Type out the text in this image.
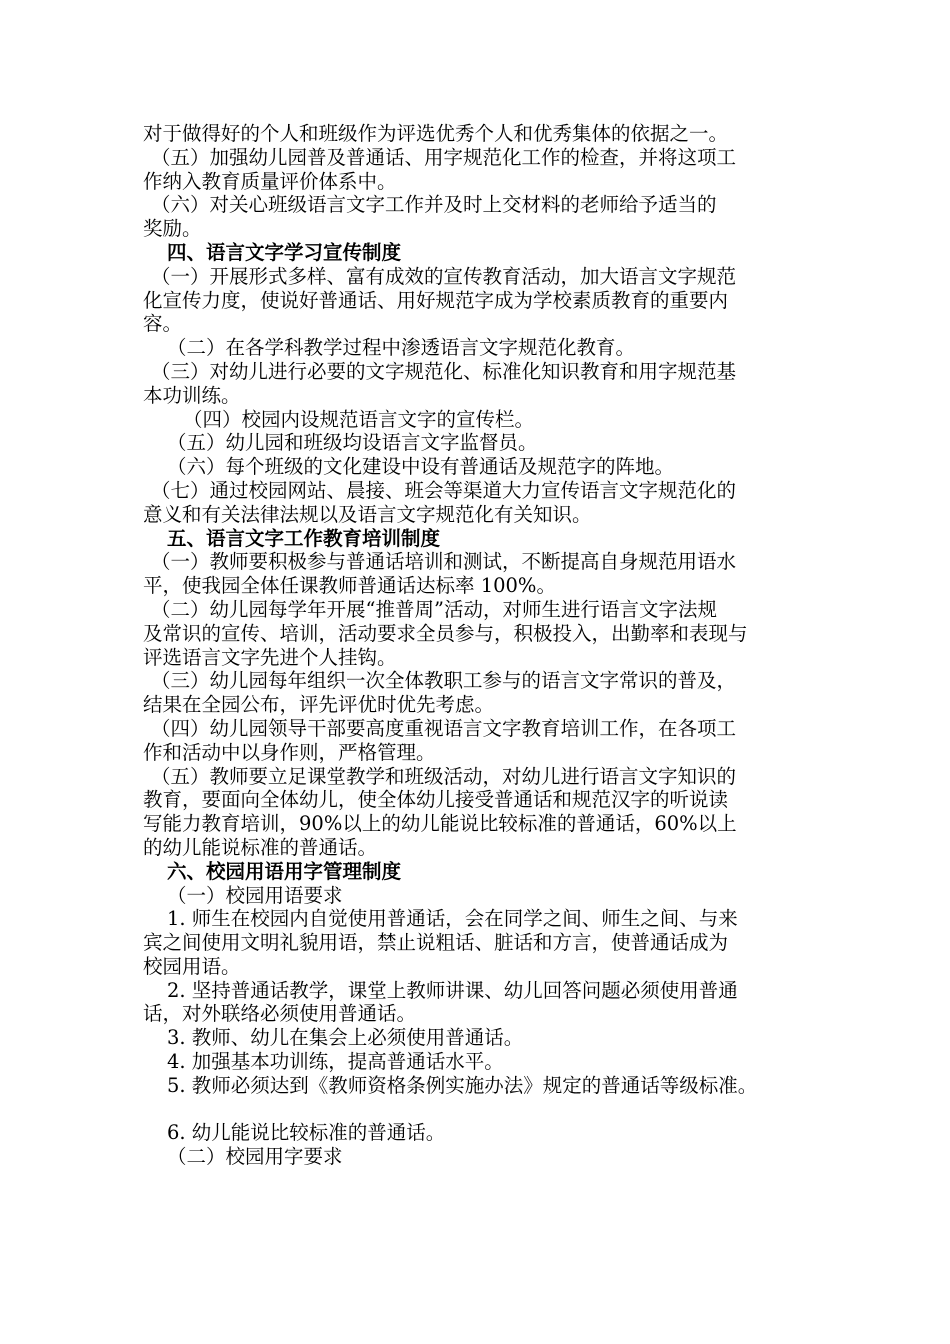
对于做得好的个人和班级作为评选优秀个人和优秀集体的依据之一。
（五）加强幼儿园普及普通话、用字规范化工作的检查，并将这项工
作纳入教育质量评价体系中。
（六）对关心班级语言文字工作并及时上交材料的老师给予适当的
奖励。
四、语言文字学习宣传制度
（一）开展形式多样、富有成效的宣传教育活动，加大语言文字规范
化宣传力度，使说好普通话、用好规范字成为学校素质教育的重要内
容。
（二）在各学科教学过程中渗透语言文字规范化教育。
（三）对幼儿进行必要的文字规范化、标准化知识教育和用字规范基
本功训练。
（四）校园内设规范语言文字的宣传栏。
（五）幼儿园和班级均设语言文字监督员。
（六）每个班级的文化建设中设有普通话及规范字的阵地。
（七）通过校园网站、晨接、班会等渠道大力宣传语言文字规范化的
意义和有关法律法规以及语言文字规范化有关知识。
五、语言文字工作教育培训制度
（一）教师要积极参与普通话培训和测试，不断提高自身规范用语水
平，使我园全体任课教师普通话达标率 100%。
（二）幼儿园每学年开展“推普周”活动，对师生进行语言文字法规
及常识的宣传、培训，活动要求全员参与，积极投入，出勤率和表现与
评选语言文字先进个人挂钩。
（三）幼儿园每年组织一次全体教职工参与的语言文字常识的普及，
结果在全园公布，评先评优时优先考虑。
（四）幼儿园领导干部要高度重视语言文字教育培训工作，在各项工
作和活动中以身作则，严格管理。
（五）教师要立足课堂教学和班级活动，对幼儿进行语言文字知识的
教育，要面向全体幼儿，使全体幼儿接受普通话和规范汉字的听说读
写能力教育培训，90%以上的幼儿能说比较标准的普通话，60%以上
的幼儿能说标准的普通话。
六、校园用语用字管理制度
（一）校园用语要求
1. 师生在校园内自觉使用普通话，会在同学之间、师生之间、与来
宾之间使用文明礼貌用语，禁止说粗话、脏话和方言，使普通话成为
校园用语。
2. 坚持普通话教学，课堂上教师讲课、幼儿回答问题必须使用普通
话，对外联络必须使用普通话。
3. 教师、幼儿在集会上必须使用普通话。
4. 加强基本功训练，提高普通话水平。
5. 教师必须达到《教师资格条例实施办法》规定的普通话等级标准。
6. 幼儿能说比较标准的普通话。
（二）校园用字要求
